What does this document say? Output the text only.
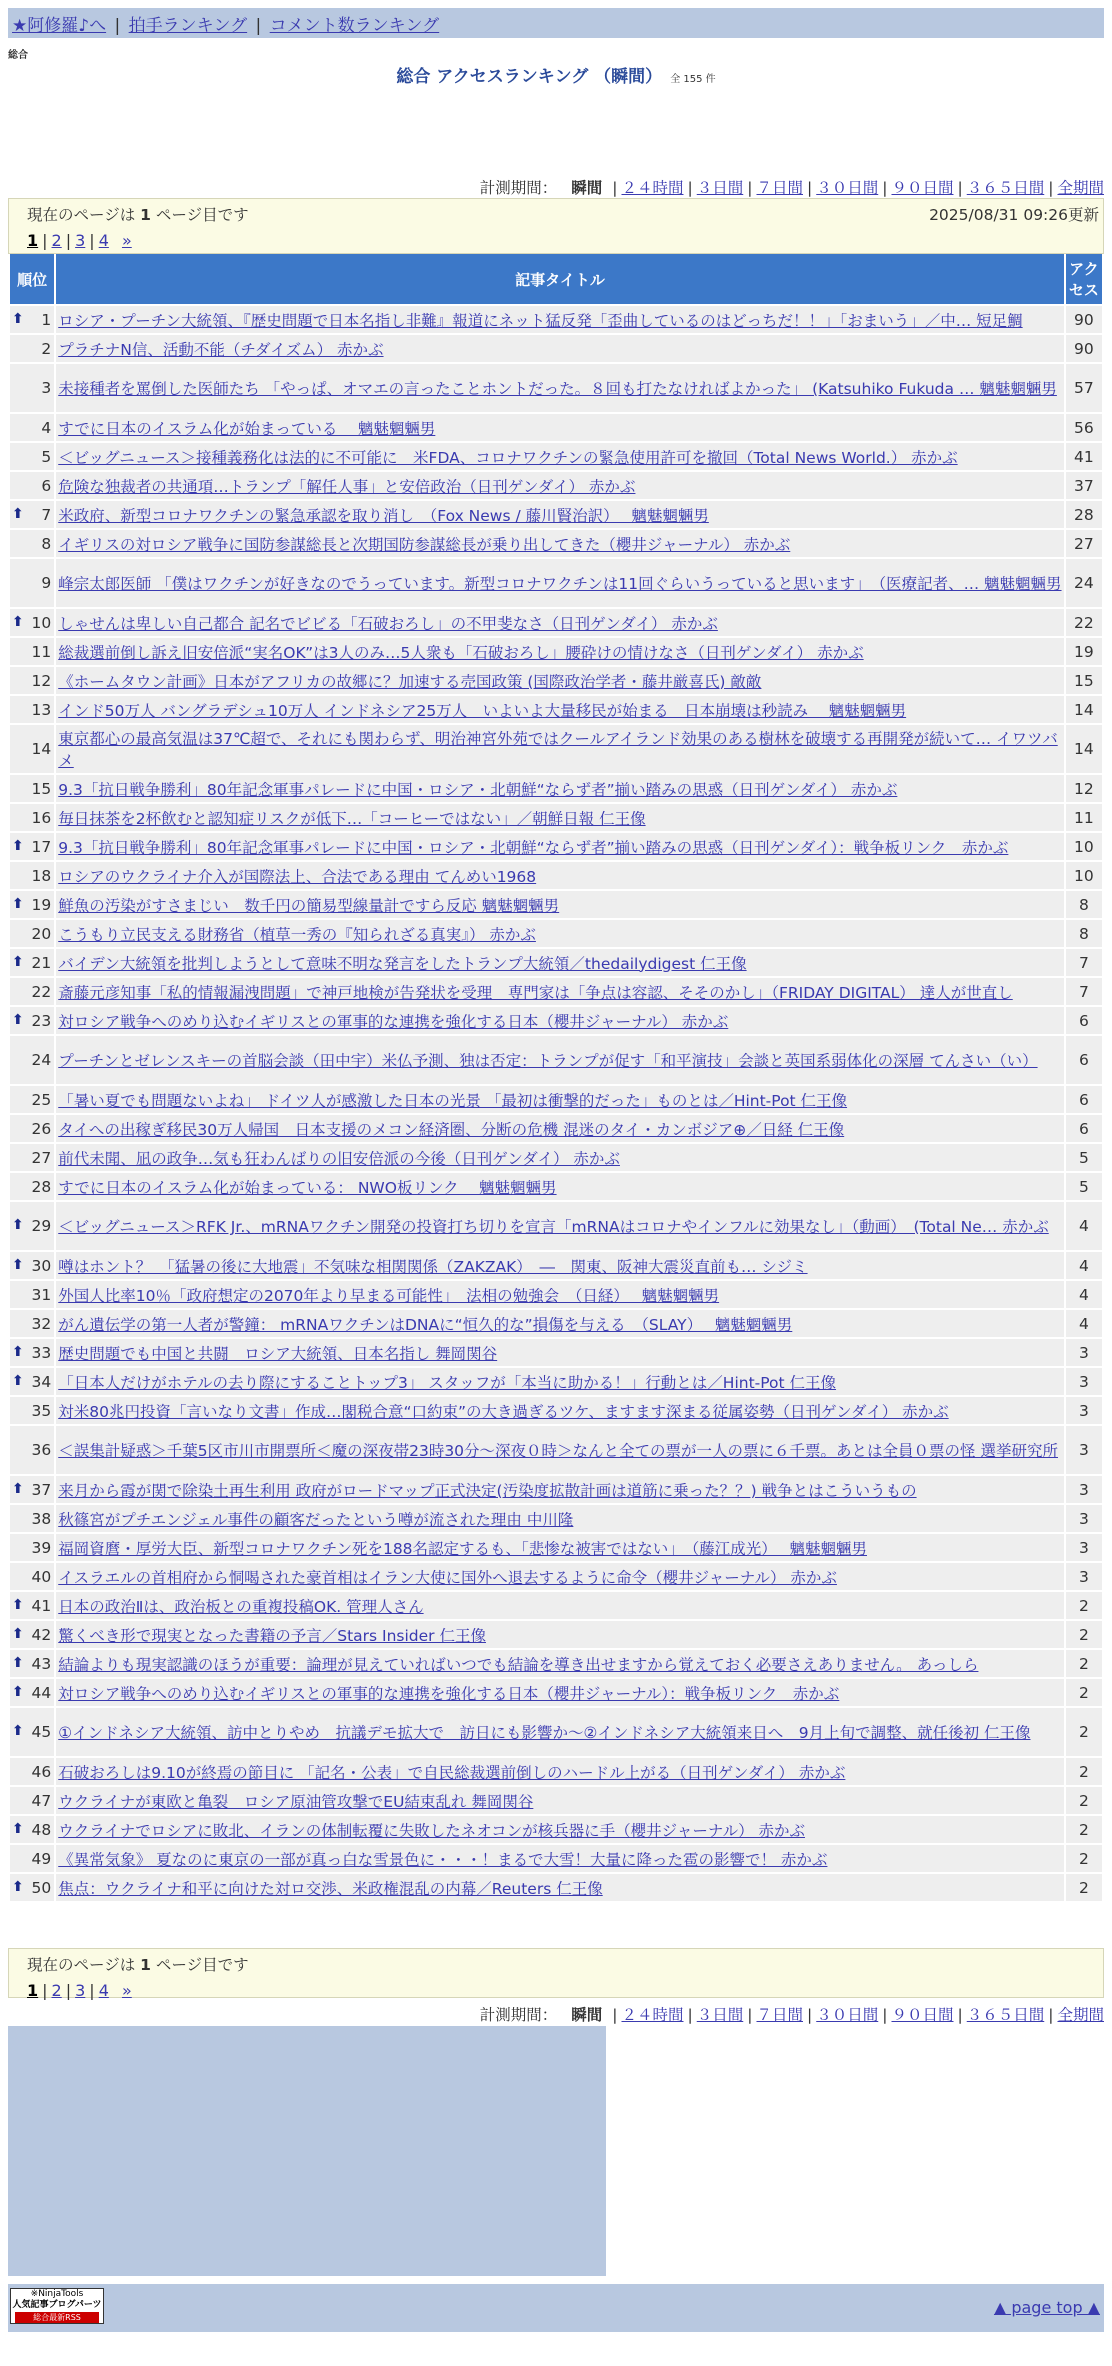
★阿修羅♪へ | 拍手ランキング | コメント数ランキング
総合
総合 アクセスランキング （瞬間） 全 155 件
計測期間： 瞬間 | ２４時間 | ３日間 | ７日間 | ３０日間 | ９０日間 | ３６５日間 | 全期間
現在のページは 1 ページ目です
1 | 2 | 3 | 4 »
2025/08/31 09:26更新
順位	記事タイトル	アクセス

⬆ 1	ロシア・プーチン大統領、『歴史問題で日本名指し非難』報道にネット猛反発「歪曲しているのはどっちだ！！」「おまいう」／中… 短足鯛	90
2	プラチナN信、活動不能（チダイズム） 赤かぶ	90
3	未接種者を罵倒した医師たち 「やっぱ、オマエの言ったことホントだった。８回も打たなければよかった」 (Katsuhiko Fukuda … 魑魅魍魎男	57
4	すでに日本のイスラム化が始まっている　 魑魅魍魎男	56
5	＜ビッグニュース＞接種義務化は法的に不可能に　米FDA、コロナワクチンの緊急使用許可を撤回（Total News World.） 赤かぶ	41
6	危険な独裁者の共通項…トランプ「解任人事」と安倍政治（日刊ゲンダイ） 赤かぶ	37

⬆ 7	米政府、新型コロナワクチンの緊急承認を取り消し　（Fox News / 藤川賢治訳）　 魑魅魍魎男	28
8	イギリスの対ロシア戦争に国防参謀総長と次期国防参謀総長が乗り出してきた（櫻井ジャーナル） 赤かぶ	27
9	峰宗太郎医師 「僕はワクチンが好きなのでうっています。新型コロナワクチンは11回ぐらいうっていると思います」　（医療記者、… 魑魅魍魎男	24

⬆ 10	しゃせんは卑しい自己都合 記名でビビる「石破おろし」の不甲斐なさ（日刊ゲンダイ） 赤かぶ	22
11	総裁選前倒し訴え旧安倍派“実名OK”は3人のみ…5人衆も「石破おろし」腰砕けの情けなさ（日刊ゲンダイ） 赤かぶ	19
12	《ホームタウン計画》日本がアフリカの故郷に？加速する売国政策 (国際政治学者・藤井厳喜氏) 敵敵	15
13	インド50万人 バングラデシュ10万人 インドネシア25万人　いよいよ大量移民が始まる　日本崩壊は秒読み　 魑魅魍魎男	14
14	東京都心の最高気温は37℃超で、それにも関わらず、明治神宮外苑ではクールアイランド効果のある樹林を破壊する再開発が続いて… イワツバメ	14
15	9.3「抗日戦争勝利」80年記念軍事パレードに中国・ロシア・北朝鮮“ならず者”揃い踏みの思惑（日刊ゲンダイ） 赤かぶ	12
16	毎日抹茶を2杯飲むと認知症リスクが低下…「コーヒーではない」／朝鮮日報 仁王像	11

⬆ 17	9.3「抗日戦争勝利」80年記念軍事パレードに中国・ロシア・北朝鮮“ならず者”揃い踏みの思惑（日刊ゲンダイ）：戦争板リンク　赤かぶ	10
18	ロシアのウクライナ介入が国際法上、合法である理由 てんめい1968	10

⬆ 19	鮮魚の汚染がすさまじい　数千円の簡易型線量計ですら反応 魑魅魍魎男	8
20	こうもり立民支える財務省（植草一秀の『知られざる真実』） 赤かぶ	8

⬆ 21	バイデン大統領を批判しようとして意味不明な発言をしたトランプ大統領／thedailydigest 仁王像	7
22	斎藤元彦知事「私的情報漏洩問題」で神戸地検が告発状を受理　専門家は「争点は容認、そそのかし」（FRIDAY DIGITAL） 達人が世直し	7

⬆ 23	対ロシア戦争へのめり込むイギリスとの軍事的な連携を強化する日本（櫻井ジャーナル） 赤かぶ	6
24	プーチンとゼレンスキーの首脳会談（田中宇）米仏予測、独は否定：トランプが促す「和平演技」会談と英国系弱体化の深層 てんさい（い）	6
25	「暑い夏でも問題ないよね」 ドイツ人が感激した日本の光景 「最初は衝撃的だった」ものとは／Hint-Pot 仁王像	6
26	タイへの出稼ぎ移民30万人帰国　日本支援のメコン経済圏、分断の危機 混迷のタイ・カンボジア⊕／日経 仁王像	6
27	前代未聞、凪の政争…気も狂わんばりの旧安倍派の今後（日刊ゲンダイ） 赤かぶ	5
28	すでに日本のイスラム化が始まっている： NWO板リンク　 魑魅魍魎男	5

⬆ 29	＜ビッグニュース＞RFK Jr.、mRNAワクチン開発の投資打ち切りを宣言「mRNAはコロナやインフルに効果なし」（動画）　(Total Ne… 赤かぶ	4

⬆ 30	噂はホント？　「猛暑の後に大地震」不気味な相関関係（ZAKZAK）　―　関東、阪神大震災直前も… シジミ	4
31	外国人比率10％「政府想定の2070年より早まる可能性」　法相の勉強会　（日経）　 魑魅魍魎男	4
32	がん遺伝学の第一人者が警鐘： mRNAワクチンはDNAに“恒久的な”損傷を与える　（SLAY）　 魑魅魍魎男	4

⬆ 33	歴史問題でも中国と共闘　ロシア大統領、日本名指し 舞岡関谷	3

⬆ 34	「日本人だけがホテルの去り際にすることトップ3」 スタッフが「本当に助かる！」行動とは／Hint-Pot 仁王像	3
35	対米80兆円投資「言いなり文書」作成…閣税合意“口約束”の大き過ぎるツケ、ますます深まる従属姿勢（日刊ゲンダイ） 赤かぶ	3
36	＜誤集計疑惑＞千葉5区市川市開票所＜魔の深夜帯23時30分～深夜０時＞なんと全ての票が一人の票に６千票。あとは全員０票の怪 選挙研究所	3

⬆ 37	来月から霞が関で除染土再生利用 政府がロードマップ正式決定(汚染度拡散計画は道筋に乗った？？) 戦争とはこういうもの	3
38	秋篠宮がプチエンジェル事件の顧客だったという噂が流された理由 中川隆	3
39	福岡資麿・厚労大臣、新型コロナワクチン死を188名認定するも、「悲惨な被害ではない」　（藤江成光）　 魑魅魍魎男	3
40	イスラエルの首相府から恫喝された豪首相はイラン大使に国外へ退去するように命令（櫻井ジャーナル） 赤かぶ	3

⬆ 41	日本の政治Ⅱは、政治板との重複投稿OK. 管理人さん	2

⬆ 42	驚くべき形で現実となった書籍の予言／Stars Insider 仁王像	2

⬆ 43	結論よりも現実認識のほうが重要：論理が見えていればいつでも結論を導き出せますから覚えておく必要さえありません。 あっしら	2

⬆ 44	対ロシア戦争へのめり込むイギリスとの軍事的な連携を強化する日本（櫻井ジャーナル）：戦争板リンク　赤かぶ	2

⬆ 45	①インドネシア大統領、訪中とりやめ　抗議デモ拡大で　訪日にも影響か～②インドネシア大統領来日へ　9月上旬で調整、就任後初 仁王像	2
46	石破おろしは9.10が終焉の節目に 「記名・公表」で自民総裁選前倒しのハードル上がる（日刊ゲンダイ） 赤かぶ	2
47	ウクライナが東欧と亀裂　ロシア原油管攻撃でEU結束乱れ 舞岡関谷	2

⬆ 48	ウクライナでロシアに敗北、イランの体制転覆に失敗したネオコンが核兵器に手（櫻井ジャーナル） 赤かぶ	2
49	《異常気象》 夏なのに東京の一部が真っ白な雪景色に・・・！まるで大雪！大量に降った雹の影響で！ 赤かぶ	2

⬆ 50	焦点：ウクライナ和平に向けた対ロ交渉、米政権混乱の内幕／Reuters 仁王像	2
現在のページは 1 ページ目です
1 | 2 | 3 | 4 »
計測期間： 瞬間 | ２４時間 | ３日間 | ７日間 | ３０日間 | ９０日間 | ３６５日間 | 全期間
※NinjaTools
人気記事ブログパーツ
総合最新RSS
▲ page top ▲
